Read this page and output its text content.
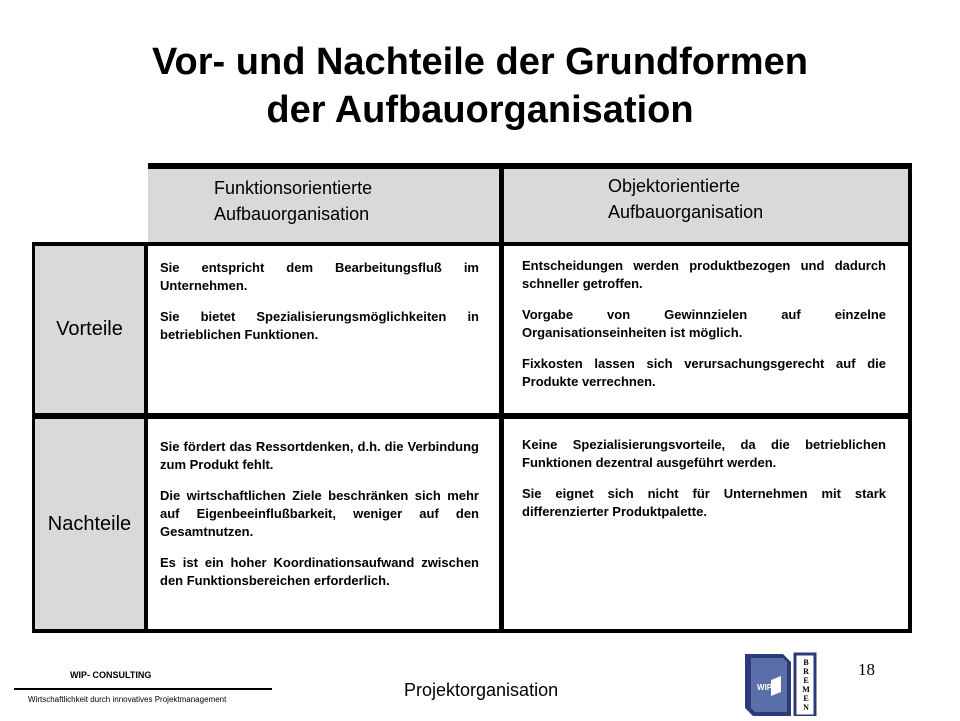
Vor- und Nachteile der Grundformen
der Aufbauorganisation
Funktionsorientierte
Aufbauorganisation
Objektorientierte
Aufbauorganisation
Vorteile
Nachteile

Sie entspricht dem Bearbeitungsfluß im Unternehmen.

Sie bietet Spezialisierungsmöglichkeiten in betrieblichen Funktionen.

Entscheidungen werden produktbezogen und dadurch schneller getroffen.

Vorgabe von Gewinnzielen auf einzelne Organisationseinheiten ist möglich.

Fixkosten lassen sich verursachungsgerecht auf die Produkte verrechnen.

Sie fördert das Ressortdenken, d.h. die Verbindung zum Produkt fehlt.

Die wirtschaftlichen Ziele beschränken sich mehr auf Eigenbeeinflußbarkeit, weniger auf den Gesamtnutzen.

Es ist ein hoher Koordinationsaufwand zwischen den Funktionsbereichen erforderlich.

Keine Spezialisierungsvorteile, da die betrieblichen Funktionen dezentral ausgeführt werden.

Sie eignet sich nicht für Unternehmen mit stark differenzierter Produktpalette.

WIP- CONSULTING
Wirtschaftlichkeit durch innovatives Projektmanagement	Projektorganisation
18
WIP
B
R
E
M
E
N
